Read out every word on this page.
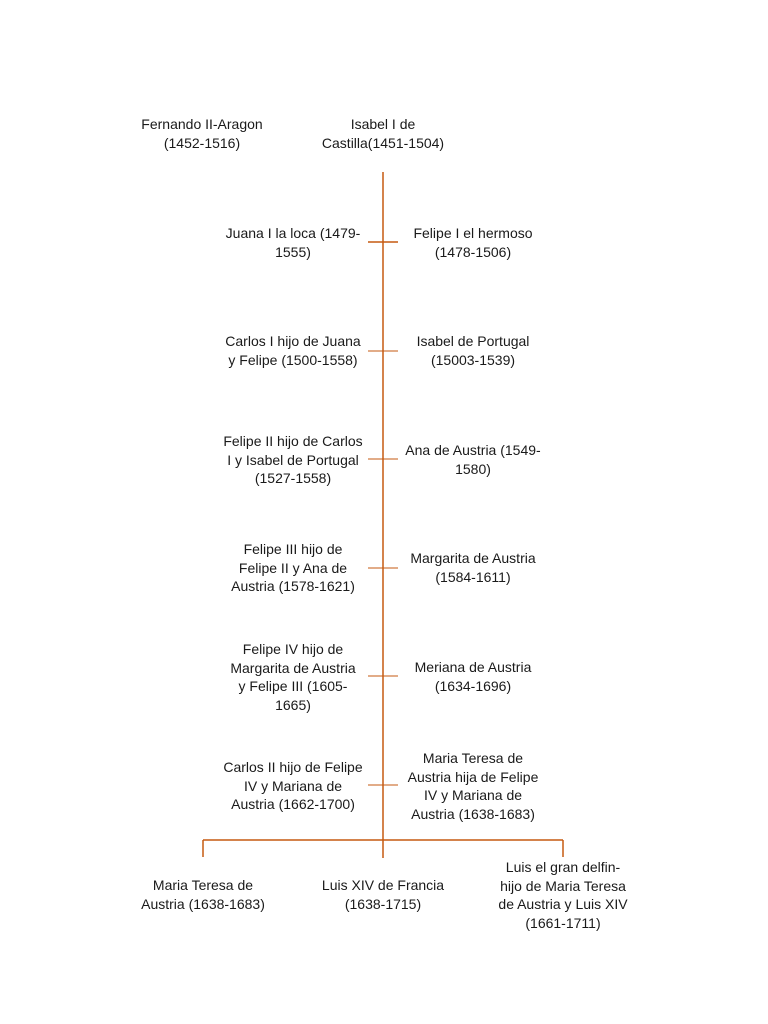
Fernando II-Aragon
(1452-1516)
Isabel I de
Castilla(1451-1504)
Juana I la loca (1479-
1555)
Felipe I el hermoso
(1478-1506)
Carlos I hijo de Juana
y Felipe (1500-1558)
Isabel de Portugal
(15003-1539)
Felipe II hijo de Carlos
I y Isabel de Portugal
(1527-1558)
Ana de Austria (1549-
1580)
Felipe III hijo de
Felipe II y Ana de
Austria (1578-1621)
Margarita de Austria
(1584-1611)
Felipe IV hijo de
Margarita de Austria
y Felipe III (1605-
1665)
Meriana de Austria
(1634-1696)
Carlos II hijo de Felipe
IV y Mariana de
Austria (1662-1700)
Maria Teresa de
Austria hija de Felipe
IV y Mariana de
Austria (1638-1683)
Maria Teresa de
Austria (1638-1683)
Luis XIV de Francia
(1638-1715)
Luis el gran delfin-
hijo de Maria Teresa
de Austria y Luis XIV
(1661-1711)
